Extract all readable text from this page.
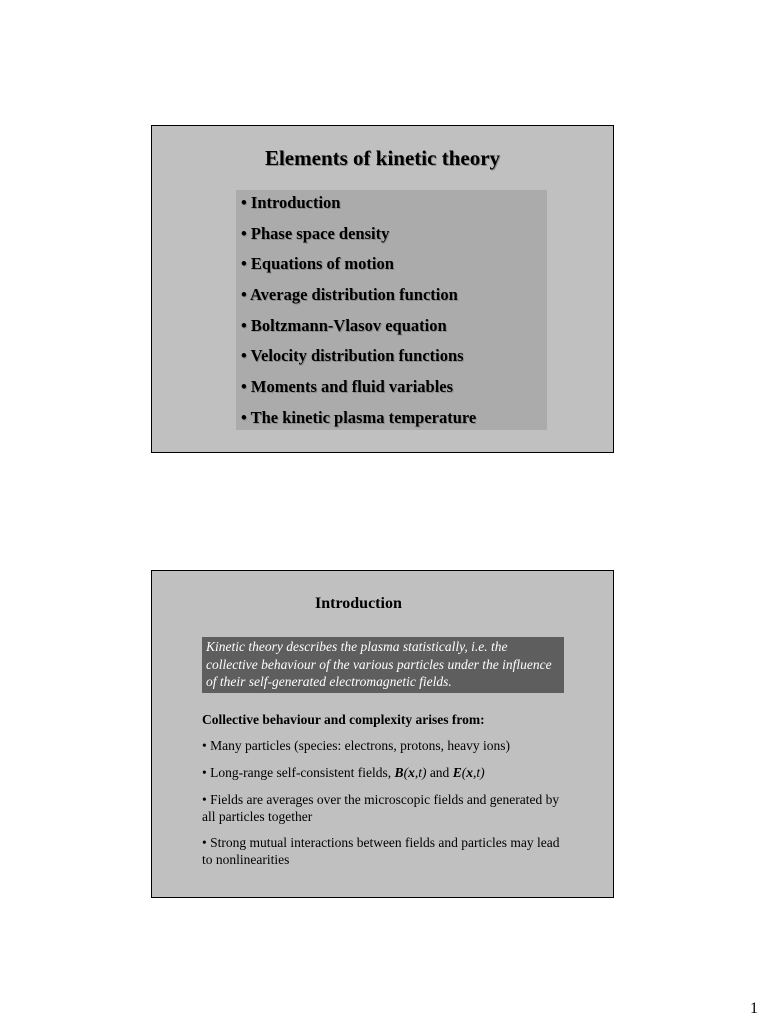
Elements of kinetic theory
• Introduction
• Phase space density
• Equations of motion
• Average distribution function
• Boltzmann-Vlasov equation
• Velocity distribution functions
• Moments and fluid variables
• The kinetic plasma temperature
Introduction
Kinetic theory describes the plasma statistically, i.e. the collective behaviour of the various particles under the influence of their self-generated electromagnetic fields.
Collective behaviour and complexity arises from:
• Many particles (species: electrons, protons, heavy ions)
• Long-range self-consistent fields, B(x,t) and E(x,t)
• Fields are averages over the microscopic fields and generated by all particles together
• Strong mutual interactions between fields and particles may lead to nonlinearities
1
